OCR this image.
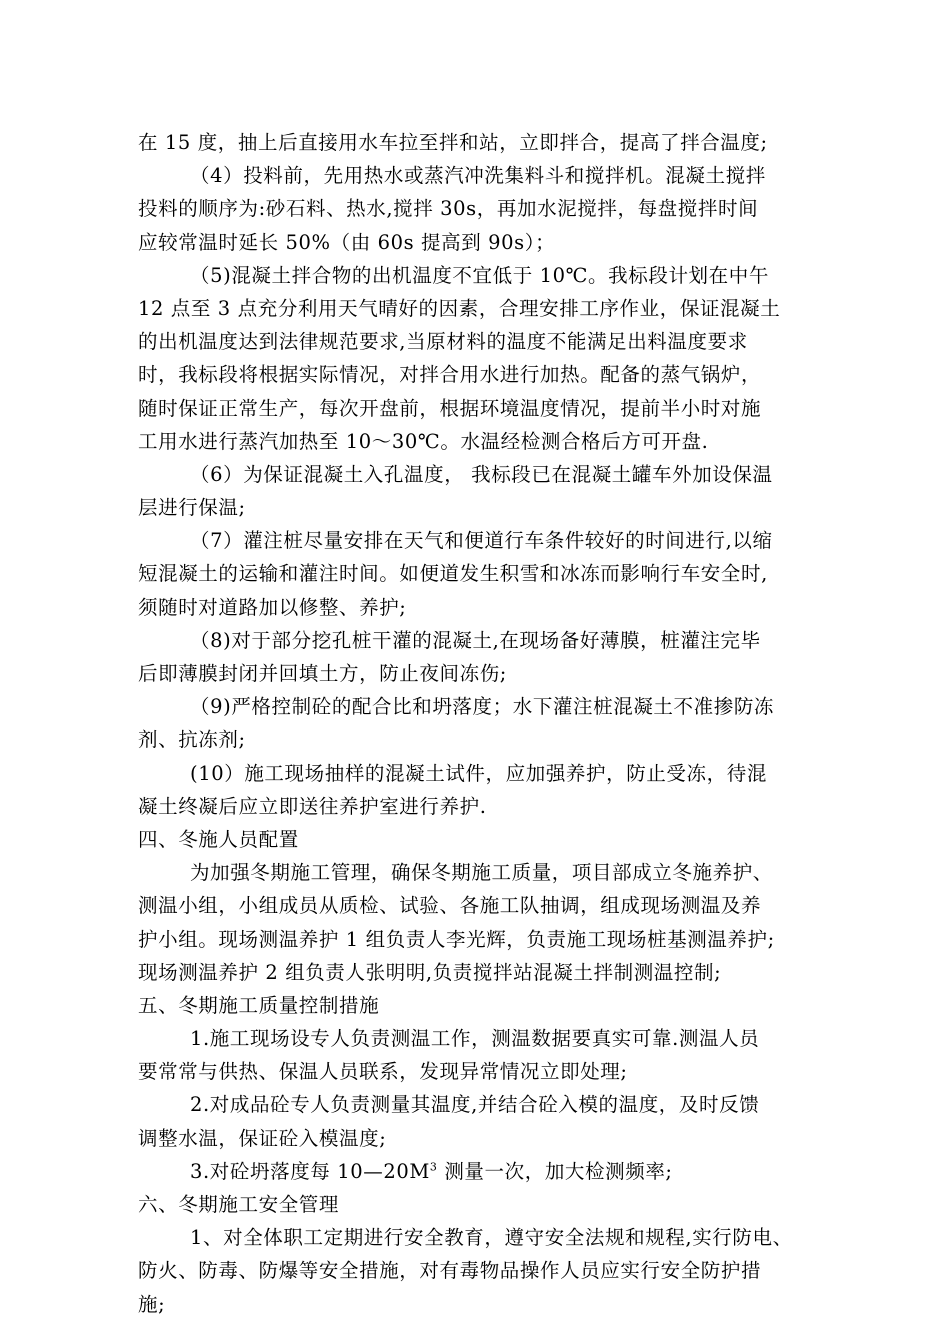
在 15 度，抽上后直接用水车拉至拌和站，立即拌合，提高了拌合温度;
（4）投料前，先用热水或蒸汽冲洗集料斗和搅拌机。混凝土搅拌
投料的顺序为:砂石料、热水,搅拌 30s，再加水泥搅拌，每盘搅拌时间
应较常温时延长 50%（由 60s 提高到 90s）；
（5)混凝土拌合物的出机温度不宜低于 10℃。我标段计划在中午
12 点至 3 点充分利用天气晴好的因素，合理安排工序作业，保证混凝土
的出机温度达到法律规范要求,当原材料的温度不能满足出料温度要求
时，我标段将根据实际情况，对拌合用水进行加热。配备的蒸气锅炉，
随时保证正常生产，每次开盘前，根据环境温度情况，提前半小时对施
工用水进行蒸汽加热至 10～30℃。水温经检测合格后方可开盘.
（6）为保证混凝土入孔温度， 我标段已在混凝土罐车外加设保温
层进行保温;
（7）灌注桩尽量安排在天气和便道行车条件较好的时间进行,以缩
短混凝土的运输和灌注时间。如便道发生积雪和冰冻而影响行车安全时,
须随时对道路加以修整、养护;
（8)对于部分挖孔桩干灌的混凝土,在现场备好薄膜，桩灌注完毕
后即薄膜封闭并回填土方，防止夜间冻伤;
（9)严格控制砼的配合比和坍落度；水下灌注桩混凝土不准掺防冻
剂、抗冻剂;
(10）施工现场抽样的混凝土试件，应加强养护，防止受冻，待混
凝土终凝后应立即送往养护室进行养护.
四、冬施人员配置
为加强冬期施工管理，确保冬期施工质量，项目部成立冬施养护、
测温小组，小组成员从质检、试验、各施工队抽调，组成现场测温及养
护小组。现场测温养护 1 组负责人李光辉，负责施工现场桩基测温养护;
现场测温养护 2 组负责人张明明,负责搅拌站混凝土拌制测温控制;
五、冬期施工质量控制措施
1.施工现场设专人负责测温工作，测温数据要真实可靠.测温人员
要常常与供热、保温人员联系，发现异常情况立即处理;
2.对成品砼专人负责测量其温度,并结合砼入模的温度，及时反馈
调整水温，保证砼入模温度;
3.对砼坍落度每 $10—20M^3$ 测量一次，加大检测频率;
六、冬期施工安全管理
1、对全体职工定期进行安全教育，遵守安全法规和规程,实行防电、
防火、防毒、防爆等安全措施，对有毒物品操作人员应实行安全防护措
施;
